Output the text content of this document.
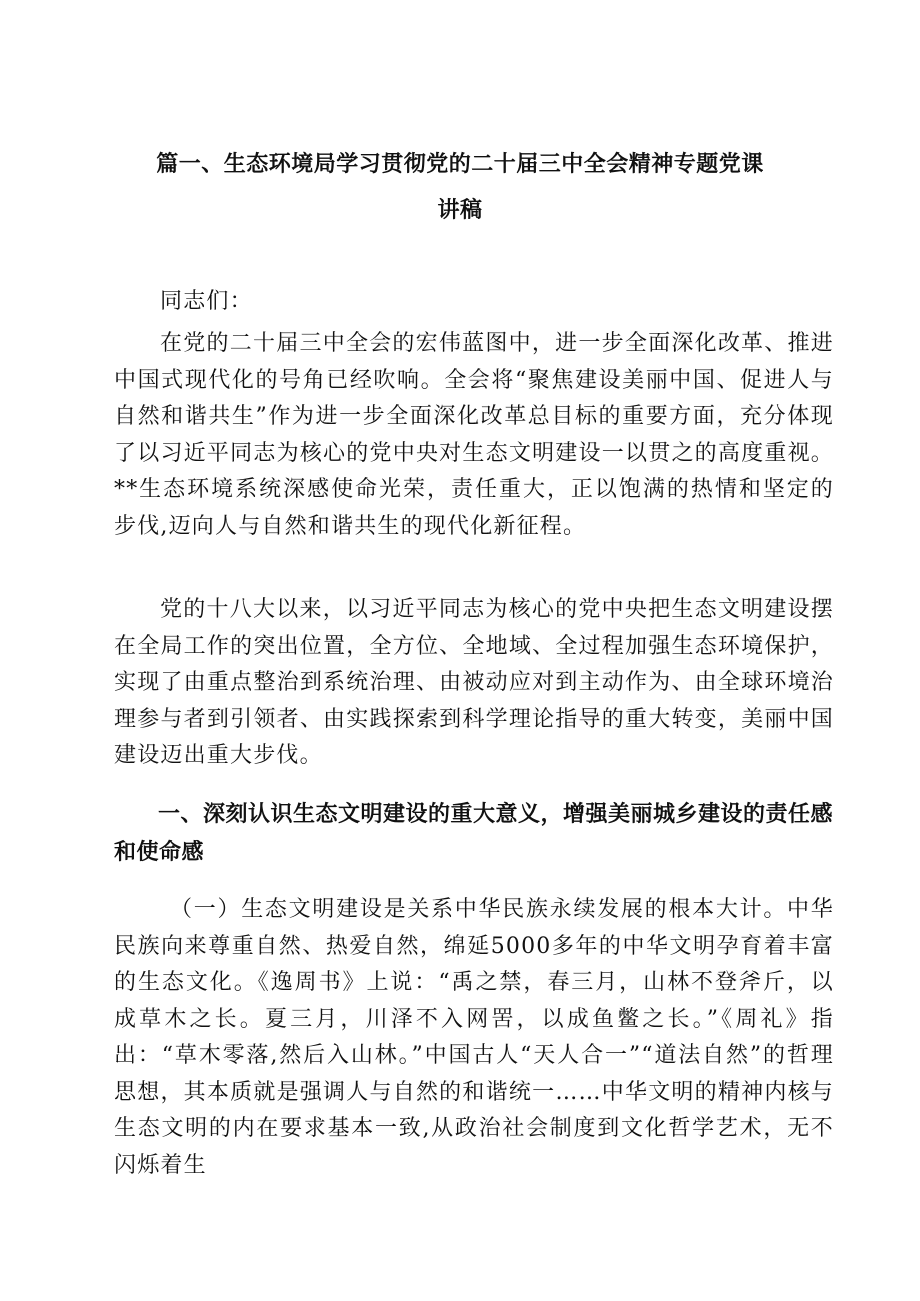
篇一、生态环境局学习贯彻党的二十届三中全会精神专题党课
讲稿

同志们：

在党的二十届三中全会的宏伟蓝图中，进一步全面深化改革、推进中国式现代化的号角已经吹响。全会将“聚焦建设美丽中国、促进人与自然和谐共生”作为进一步全面深化改革总目标的重要方面，充分体现了以习近平同志为核心的党中央对生态文明建设一以贯之的高度重视。**生态环境系统深感使命光荣，责任重大，正以饱满的热情和坚定的步伐,迈向人与自然和谐共生的现代化新征程。

党的十八大以来，以习近平同志为核心的党中央把生态文明建设摆在全局工作的突出位置，全方位、全地域、全过程加强生态环境保护，实现了由重点整治到系统治理、由被动应对到主动作为、由全球环境治理参与者到引领者、由实践探索到科学理论指导的重大转变，美丽中国建设迈出重大步伐。

一、深刻认识生态文明建设的重大意义，增强美丽城乡建设的责任感和使命感

（一）生态文明建设是关系中华民族永续发展的根本大计。中华民族向来尊重自然、热爱自然，绵延5000多年的中华文明孕育着丰富的生态文化。《逸周书》上说：“禹之禁，春三月，山林不登斧斤，以成草木之长。夏三月，川泽不入网罟，以成鱼鳖之长。”《周礼》指出：“草木零落,然后入山林。”中国古人“天人合一”“道法自然”的哲理思想，其本质就是强调人与自然的和谐统一……中华文明的精神内核与生态文明的内在要求基本一致,从政治社会制度到文化哲学艺术，无不闪烁着生
